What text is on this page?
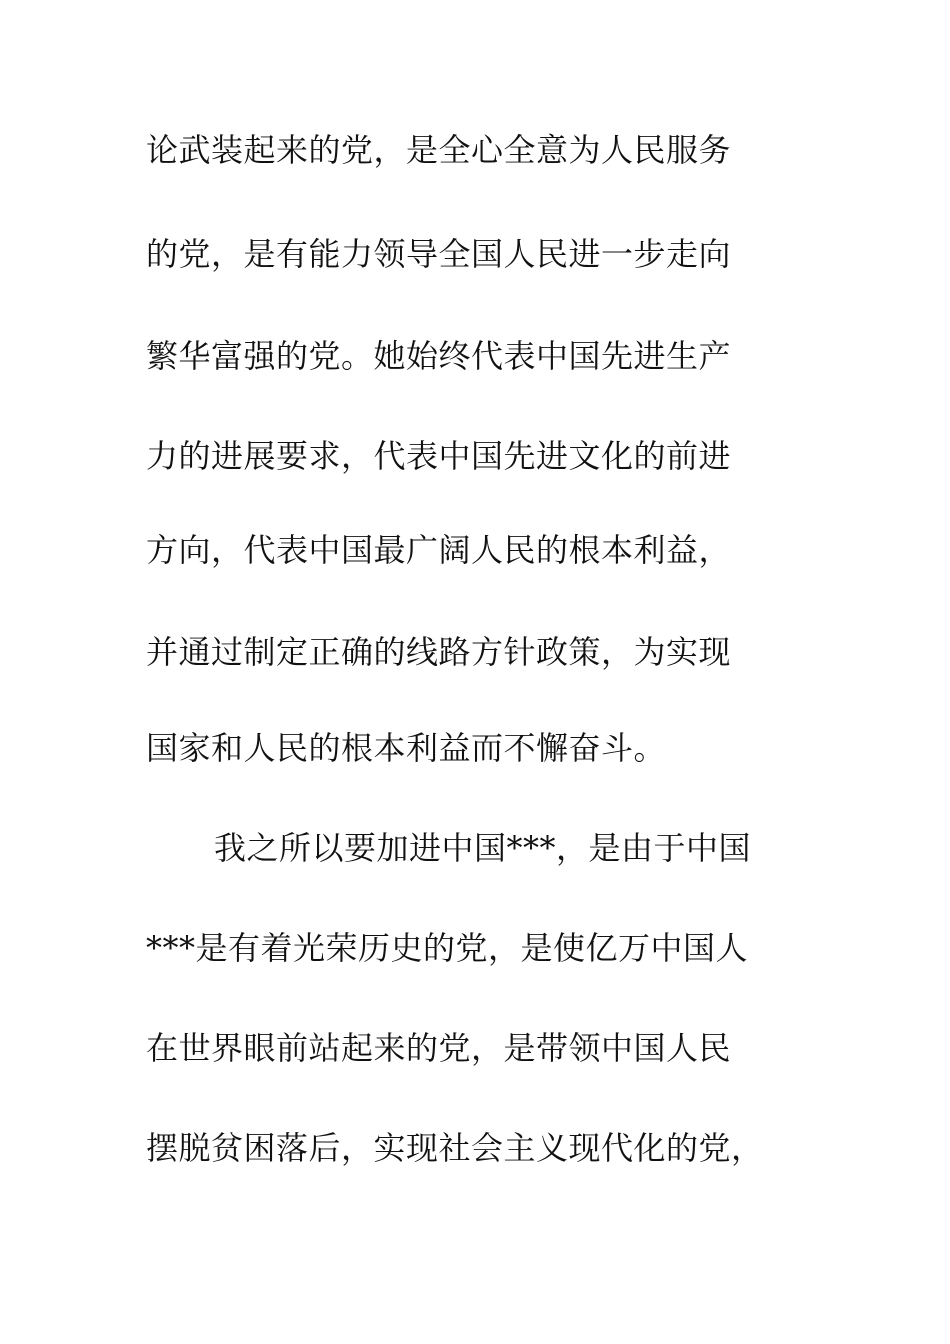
论武装起来的党，是全心全意为人民服务
的党，是有能力领导全国人民进一步走向
繁华富强的党。她始终代表中国先进生产
力的进展要求，代表中国先进文化的前进
方向，代表中国最广阔人民的根本利益，
并通过制定正确的线路方针政策，为实现
国家和人民的根本利益而不懈奋斗。
我之所以要加进中国***，是由于中国
***是有着光荣历史的党，是使亿万中国人
在世界眼前站起来的党，是带领中国人民
摆脱贫困落后，实现社会主义现代化的党，
